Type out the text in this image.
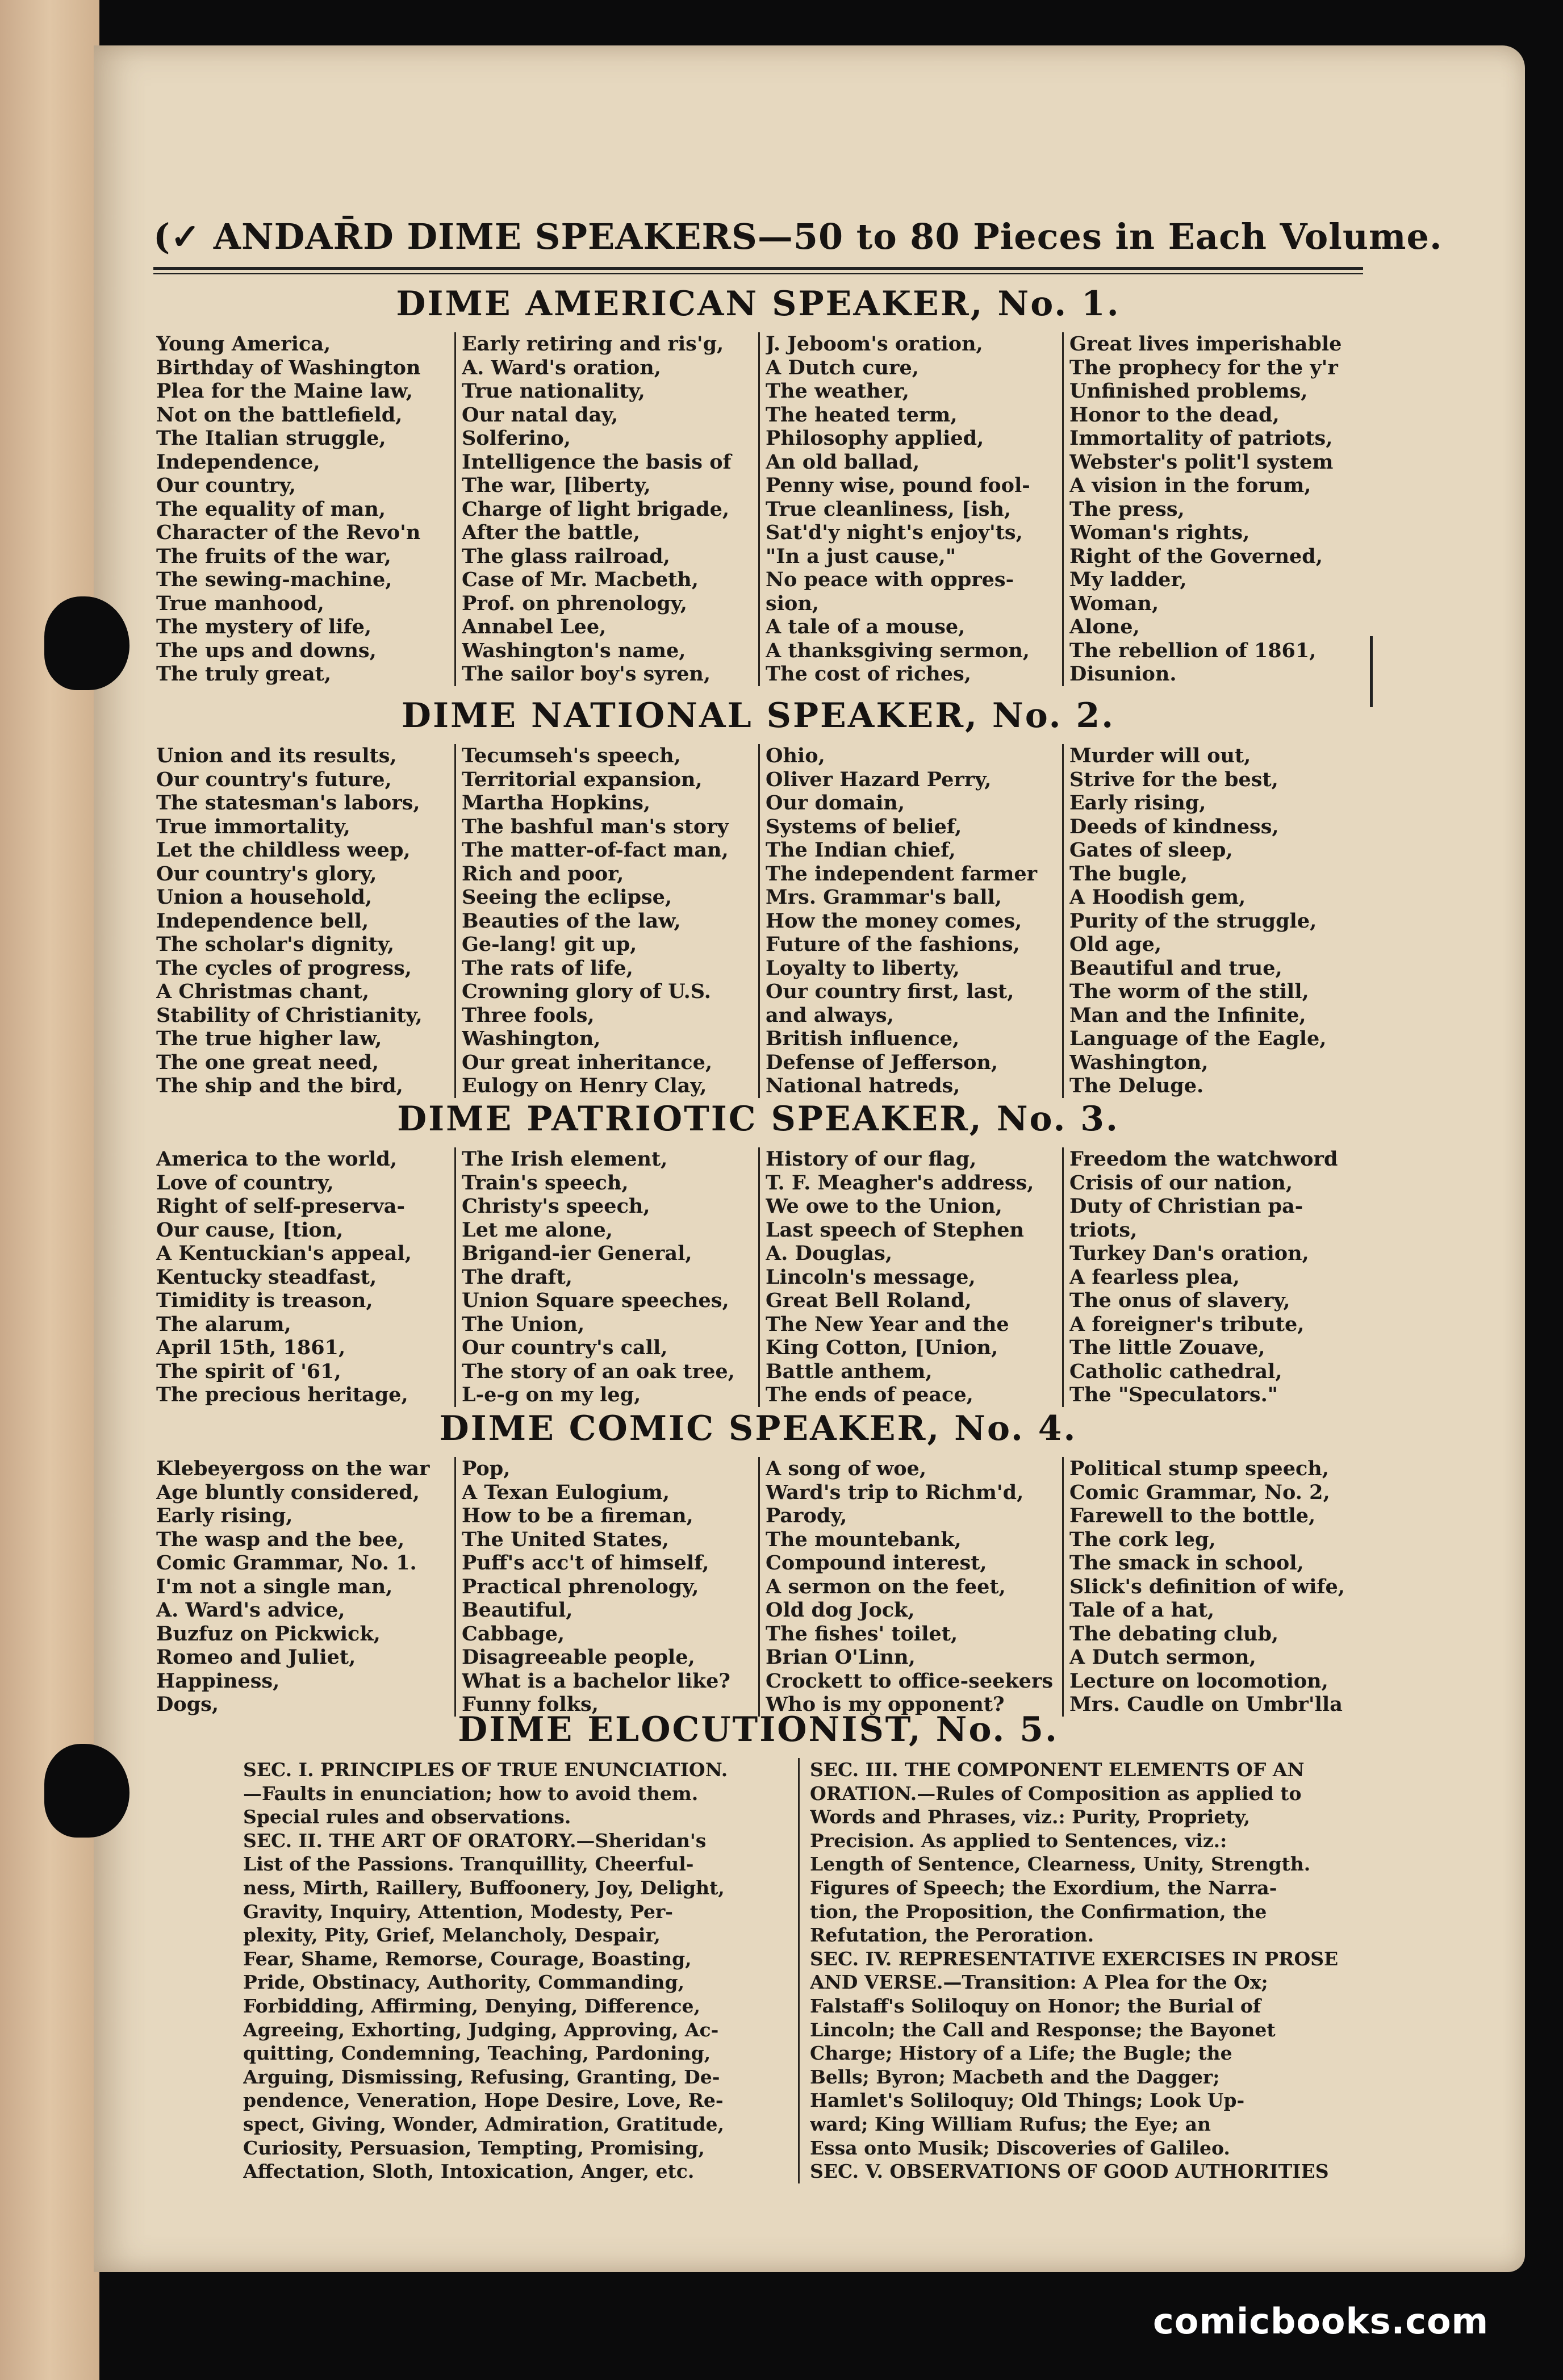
(✓ ANDAR̄D DIME SPEAKERS—50 to 80 Pieces in Each Volume.
DIME AMERICAN SPEAKER, No. 1.
Young America,
Birthday of Washington
Plea for the Maine law,
Not on the battlefield,
The Italian struggle,
Independence,
Our country,
The equality of man,
Character of the Revo'n
The fruits of the war,
The sewing-machine,
True manhood,
The mystery of life,
The ups and downs,
The truly great,
Early retiring and ris'g,
A. Ward's oration,
True nationality,
Our natal day,
Solferino,
Intelligence the basis of
The war, [liberty,
Charge of light brigade,
After the battle,
The glass railroad,
Case of Mr. Macbeth,
Prof. on phrenology,
Annabel Lee,
Washington's name,
The sailor boy's syren,
J. Jeboom's oration,
A Dutch cure,
The weather,
The heated term,
Philosophy applied,
An old ballad,
Penny wise, pound fool-
True cleanliness, [ish,
Sat'd'y night's enjoy'ts,
"In a just cause,"
No peace with oppres-
sion,
A tale of a mouse,
A thanksgiving sermon,
The cost of riches,
Great lives imperishable
The prophecy for the y'r
Unfinished problems,
Honor to the dead,
Immortality of patriots,
Webster's polit'l system
A vision in the forum,
The press,
Woman's rights,
Right of the Governed,
My ladder,
Woman,
Alone,
The rebellion of 1861,
Disunion.
DIME NATIONAL SPEAKER, No. 2.
Union and its results,
Our country's future,
The statesman's labors,
True immortality,
Let the childless weep,
Our country's glory,
Union a household,
Independence bell,
The scholar's dignity,
The cycles of progress,
A Christmas chant,
Stability of Christianity,
The true higher law,
The one great need,
The ship and the bird,
Tecumseh's speech,
Territorial expansion,
Martha Hopkins,
The bashful man's story
The matter-of-fact man,
Rich and poor,
Seeing the eclipse,
Beauties of the law,
Ge-lang! git up,
The rats of life,
Crowning glory of U.S.
Three fools,
Washington,
Our great inheritance,
Eulogy on Henry Clay,
Ohio,
Oliver Hazard Perry,
Our domain,
Systems of belief,
The Indian chief,
The independent farmer
Mrs. Grammar's ball,
How the money comes,
Future of the fashions,
Loyalty to liberty,
Our country first, last,
and always,
British influence,
Defense of Jefferson,
National hatreds,
Murder will out,
Strive for the best,
Early rising,
Deeds of kindness,
Gates of sleep,
The bugle,
A Hoodish gem,
Purity of the struggle,
Old age,
Beautiful and true,
The worm of the still,
Man and the Infinite,
Language of the Eagle,
Washington,
The Deluge.
DIME PATRIOTIC SPEAKER, No. 3.
America to the world,
Love of country,
Right of self-preserva-
Our cause, [tion,
A Kentuckian's appeal,
Kentucky steadfast,
Timidity is treason,
The alarum,
April 15th, 1861,
The spirit of '61,
The precious heritage,
The Irish element,
Train's speech,
Christy's speech,
Let me alone,
Brigand-ier General,
The draft,
Union Square speeches,
The Union,
Our country's call,
The story of an oak tree,
L-e-g on my leg,
History of our flag,
T. F. Meagher's address,
We owe to the Union,
Last speech of Stephen
A. Douglas,
Lincoln's message,
Great Bell Roland,
The New Year and the
King Cotton, [Union,
Battle anthem,
The ends of peace,
Freedom the watchword
Crisis of our nation,
Duty of Christian pa-
triots,
Turkey Dan's oration,
A fearless plea,
The onus of slavery,
A foreigner's tribute,
The little Zouave,
Catholic cathedral,
The "Speculators."
DIME COMIC SPEAKER, No. 4.
Klebeyergoss on the war
Age bluntly considered,
Early rising,
The wasp and the bee,
Comic Grammar, No. 1.
I'm not a single man,
A. Ward's advice,
Buzfuz on Pickwick,
Romeo and Juliet,
Happiness,
Dogs,
Pop,
A Texan Eulogium,
How to be a fireman,
The United States,
Puff's acc't of himself,
Practical phrenology,
Beautiful,
Cabbage,
Disagreeable people,
What is a bachelor like?
Funny folks,
A song of woe,
Ward's trip to Richm'd,
Parody,
The mountebank,
Compound interest,
A sermon on the feet,
Old dog Jock,
The fishes' toilet,
Brian O'Linn,
Crockett to office-seekers
Who is my opponent?
Political stump speech,
Comic Grammar, No. 2,
Farewell to the bottle,
The cork leg,
The smack in school,
Slick's definition of wife,
Tale of a hat,
The debating club,
A Dutch sermon,
Lecture on locomotion,
Mrs. Caudle on Umbr'lla
DIME ELOCUTIONIST, No. 5.
SEC. I. PRINCIPLES OF TRUE ENUNCIATION.
—Faults in enunciation; how to avoid them.
Special rules and observations.
SEC. II. THE ART OF ORATORY.—Sheridan's
List of the Passions. Tranquillity, Cheerful-
ness, Mirth, Raillery, Buffoonery, Joy, Delight,
Gravity, Inquiry, Attention, Modesty, Per-
plexity, Pity, Grief, Melancholy, Despair,
Fear, Shame, Remorse, Courage, Boasting,
Pride, Obstinacy, Authority, Commanding,
Forbidding, Affirming, Denying, Difference,
Agreeing, Exhorting, Judging, Approving, Ac-
quitting, Condemning, Teaching, Pardoning,
Arguing, Dismissing, Refusing, Granting, De-
pendence, Veneration, Hope Desire, Love, Re-
spect, Giving, Wonder, Admiration, Gratitude,
Curiosity, Persuasion, Tempting, Promising,
Affectation, Sloth, Intoxication, Anger, etc.
SEC. III. THE COMPONENT ELEMENTS OF AN
ORATION.—Rules of Composition as applied to
Words and Phrases, viz.: Purity, Propriety,
Precision. As applied to Sentences, viz.:
Length of Sentence, Clearness, Unity, Strength.
Figures of Speech; the Exordium, the Narra-
tion, the Proposition, the Confirmation, the
Refutation, the Peroration.
SEC. IV. REPRESENTATIVE EXERCISES IN PROSE
AND VERSE.—Transition: A Plea for the Ox;
Falstaff's Soliloquy on Honor; the Burial of
Lincoln; the Call and Response; the Bayonet
Charge; History of a Life; the Bugle; the
Bells; Byron; Macbeth and the Dagger;
Hamlet's Soliloquy; Old Things; Look Up-
ward; King William Rufus; the Eye; an
Essa onto Musik; Discoveries of Galileo.
SEC. V. OBSERVATIONS OF GOOD AUTHORITIES
comicbooks.com
